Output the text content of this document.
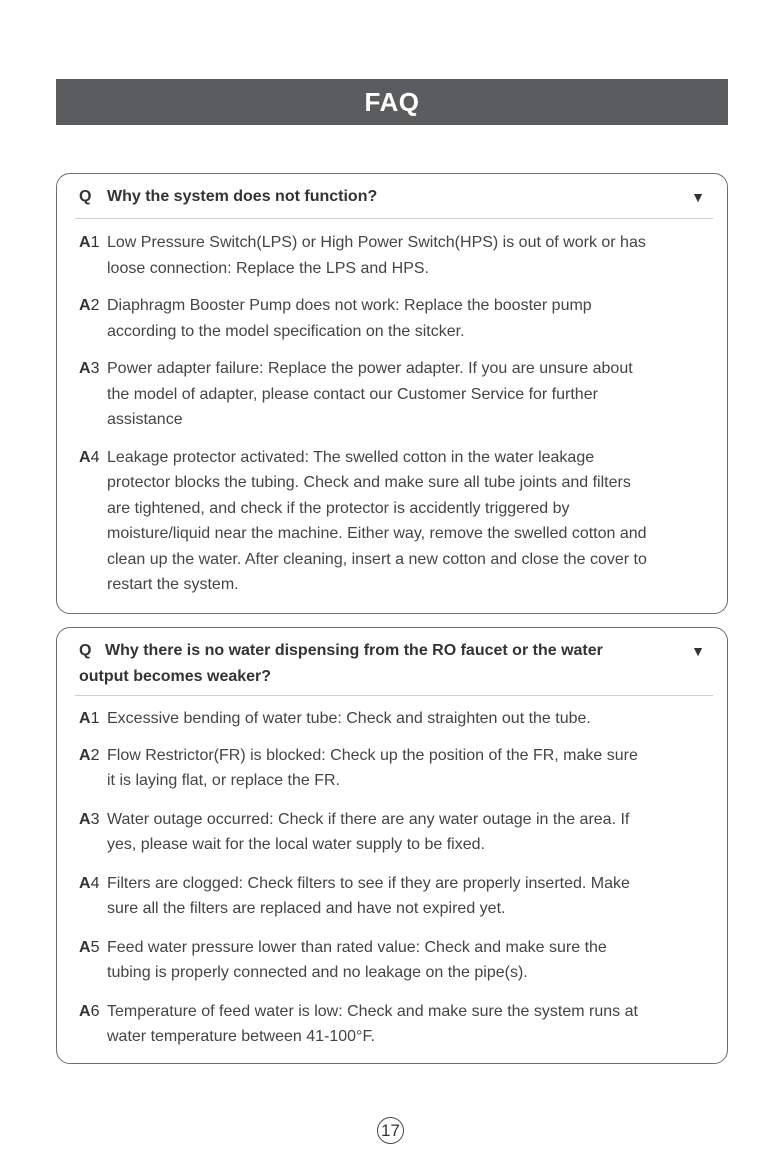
FAQ
Q Why the system does not function?	▼
A1 Low Pressure Switch(LPS) or High Power Switch(HPS) is out of work or has loose connection: Replace the LPS and HPS.
A2 Diaphragm Booster Pump does not work: Replace the booster pump according to the model specification on the sitcker.
A3 Power adapter failure: Replace the power adapter. If you are unsure about the model of adapter, please contact our Customer Service for further assistance
A4 Leakage protector activated: The swelled cotton in the water leakage protector blocks the tubing. Check and make sure all tube joints and filters are tightened, and check if the protector is accidently triggered by moisture/liquid near the machine. Either way, remove the swelled cotton and clean up the water. After cleaning, insert a new cotton and close the cover to restart the system.
Q Why there is no water dispensing from the RO faucet or the water output becomes weaker?
▼
A1 Excessive bending of water tube: Check and straighten out the tube.
A2 Flow Restrictor(FR) is blocked: Check up the position of the FR, make sure it is laying flat, or replace the FR.
A3 Water outage occurred: Check if there are any water outage in the area. If yes, please wait for the local water supply to be fixed.
A4 Filters are clogged: Check filters to see if they are properly inserted. Make sure all the filters are replaced and have not expired yet.
A5 Feed water pressure lower than rated value: Check and make sure the tubing is properly connected and no leakage on the pipe(s).
A6 Temperature of feed water is low: Check and make sure the system runs at water temperature between 41-100°F.
17
